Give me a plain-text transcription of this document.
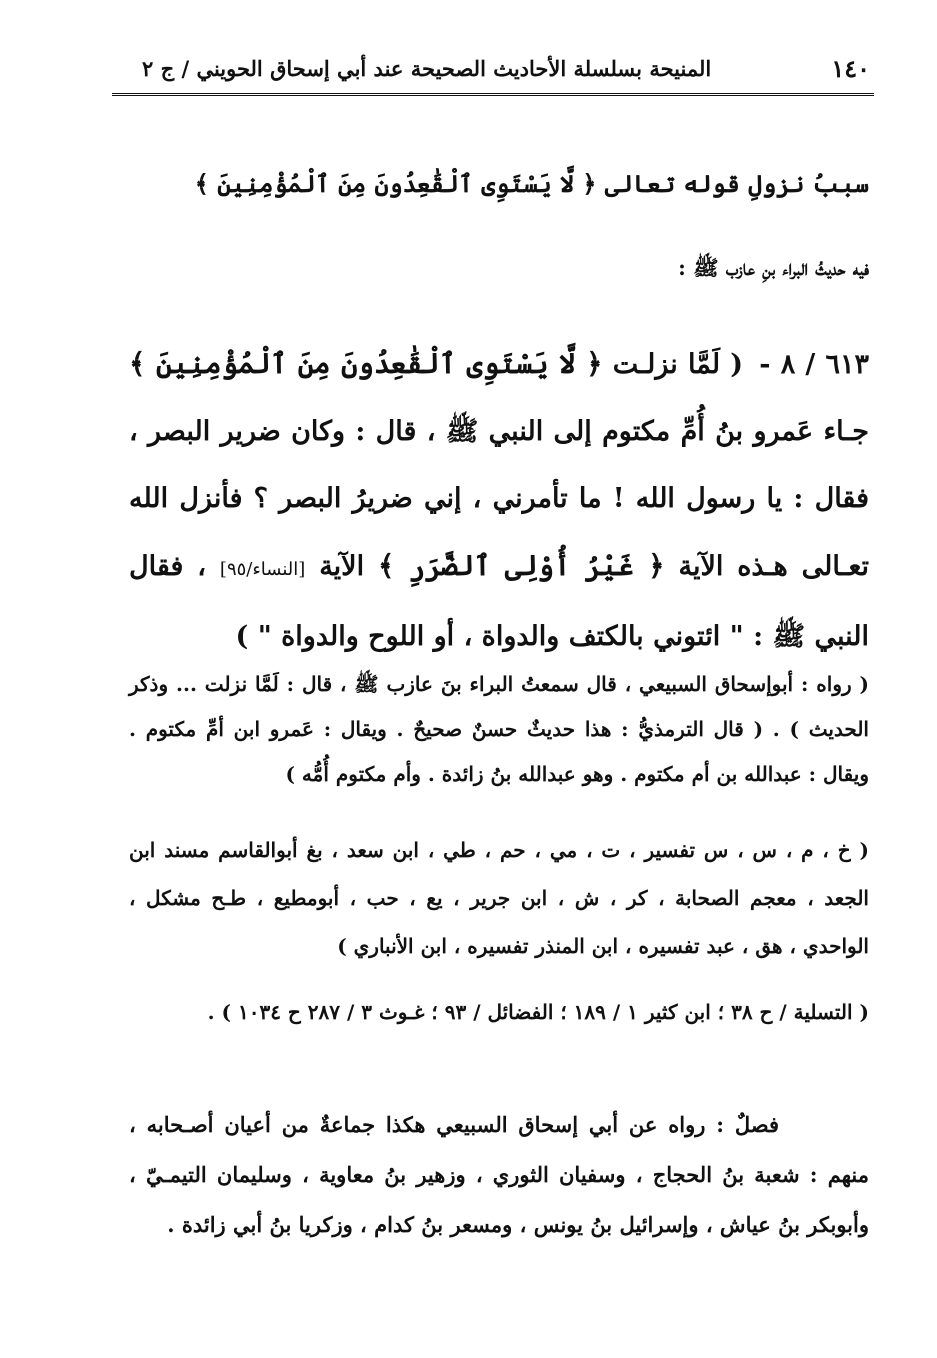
١٤٠
المنيحة بسلسلة الأحاديث الصحيحة عند أبي إسحاق الحويني / ج ٢

سببُ نزولِ قوله تعالى ﴿ لَّا يَسْتَوِى ٱلْقَٰعِدُونَ مِنَ ٱلْمُؤْمِنِينَ ﴾

فيه حديثُ البراء بنِ عازب ﷺ :

٦١٣ / ٨ - ( لَمَّا نزلـت ﴿ لَّا يَسْتَوِى ٱلْقَٰعِدُونَ مِنَ ٱلْمُؤْمِنِينَ ﴾ جـاء عَمرو بنُ أُمِّ مكتوم إلى النبي ﷺ ، قال : وكان ضرير البصر ، فقال : يا رسول الله ! ما تأمرني ، إني ضريرُ البصر ؟ فأنزل الله تعـالى هـذه الآية ﴿ غَيْرُ أُوْلِى ٱلضَّرَرِ ﴾ الآية [النساء/٩٥] ، فقال النبي ﷺ : " ائتوني بالكتف والدواة ، أو اللوح والدواة " )

( رواه : أبوإسحاق السبيعي ، قال سمعتُ البراء بنَ عازب ﷺ ، قال : لَمَّا نزلت ... وذكر الحديث ) . ( قال الترمذيُّ : هذا حديثٌ حسنٌ صحيحٌ . ويقال : عَمرو ابن أمِّ مكتوم . ويقال : عبدالله بن أم مكتوم . وهو عبدالله بنُ زائدة . وأم مكتوم أُمُّه )

( خ ، م ، س ، س تفسير ، ت ، مي ، حم ، طي ، ابن سعد ، بغ أبوالقاسم مسند ابن الجعد ، معجم الصحابة ، كر ، ش ، ابن جرير ، يع ، حب ، أبومطيع ، طـح مشكل ، الواحدي ، هق ، عبد تفسيره ، ابن المنذر تفسيره ، ابن الأنباري )

( التسلية / ح ٣٨ ؛ ابن كثير ١ / ١٨٩ ؛ الفضائل / ٩٣ ؛ غـوث ٣ / ٢٨٧ ح ١٠٣٤ ) .

فصلٌ : رواه عن أبي إسحاق السبيعي هكذا جماعةٌ من أعيان أصـحابه ، منهم : شعبة بنُ الحجاج ، وسفيان الثوري ، وزهير بنُ معاوية ، وسليمان التيمـيّ ، وأبوبكر بنُ عياش ، وإسرائيل بنُ يونس ، ومسعر بنُ كدام ، وزكريا بنُ أبي زائدة .
